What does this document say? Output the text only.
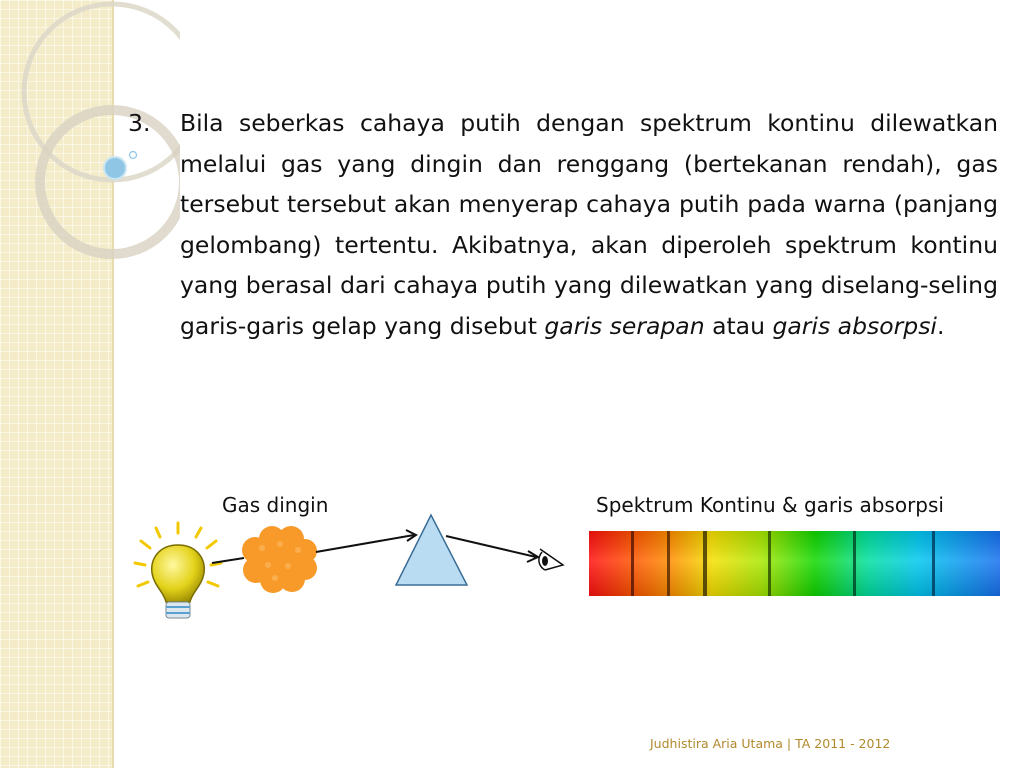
3. Bila seberkas cahaya putih dengan spektrum kontinu dilewatkan melalui gas yang dingin dan renggang (bertekanan rendah), gas tersebut tersebut akan menyerap cahaya putih pada warna (panjang gelombang) tertentu. Akibatnya, akan diperoleh spektrum kontinu yang berasal dari cahaya putih yang dilewatkan yang diselang-seling garis-garis gelap yang disebut garis serapan atau garis absorpsi.

Gas dingin	Spektrum Kontinu & garis absorpsi
Judhistira Aria Utama | TA 2011 - 2012
